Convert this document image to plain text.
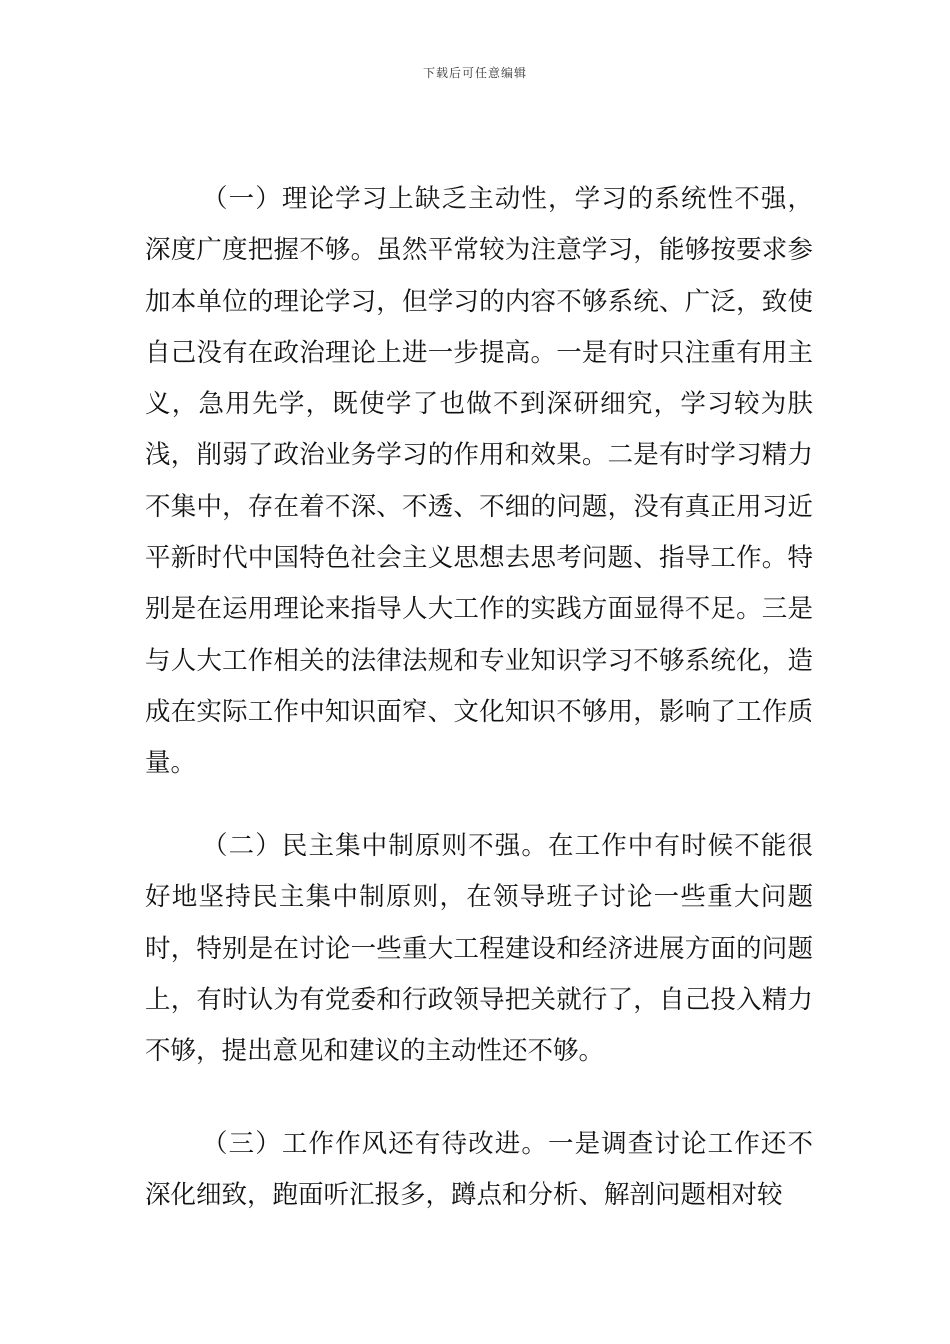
下载后可任意编辑

（一）理论学习上缺乏主动性，学习的系统性不强，深度广度把握不够。虽然平常较为注意学习，能够按要求参加本单位的理论学习，但学习的内容不够系统、广泛，致使自己没有在政治理论上进一步提高。一是有时只注重有用主义，急用先学，既使学了也做不到深研细究，学习较为肤浅，削弱了政治业务学习的作用和效果。二是有时学习精力不集中，存在着不深、不透、不细的问题，没有真正用习近平新时代中国特色社会主义思想去思考问题、指导工作。特别是在运用理论来指导人大工作的实践方面显得不足。三是与人大工作相关的法律法规和专业知识学习不够系统化，造成在实际工作中知识面窄、文化知识不够用，影响了工作质量。

（二）民主集中制原则不强。在工作中有时候不能很好地坚持民主集中制原则，在领导班子讨论一些重大问题时，特别是在讨论一些重大工程建设和经济进展方面的问题上，有时认为有党委和行政领导把关就行了，自己投入精力不够，提出意见和建议的主动性还不够。

（三）工作作风还有待改进。一是调查讨论工作还不深化细致，跑面听汇报多，蹲点和分析、解剖问题相对较
